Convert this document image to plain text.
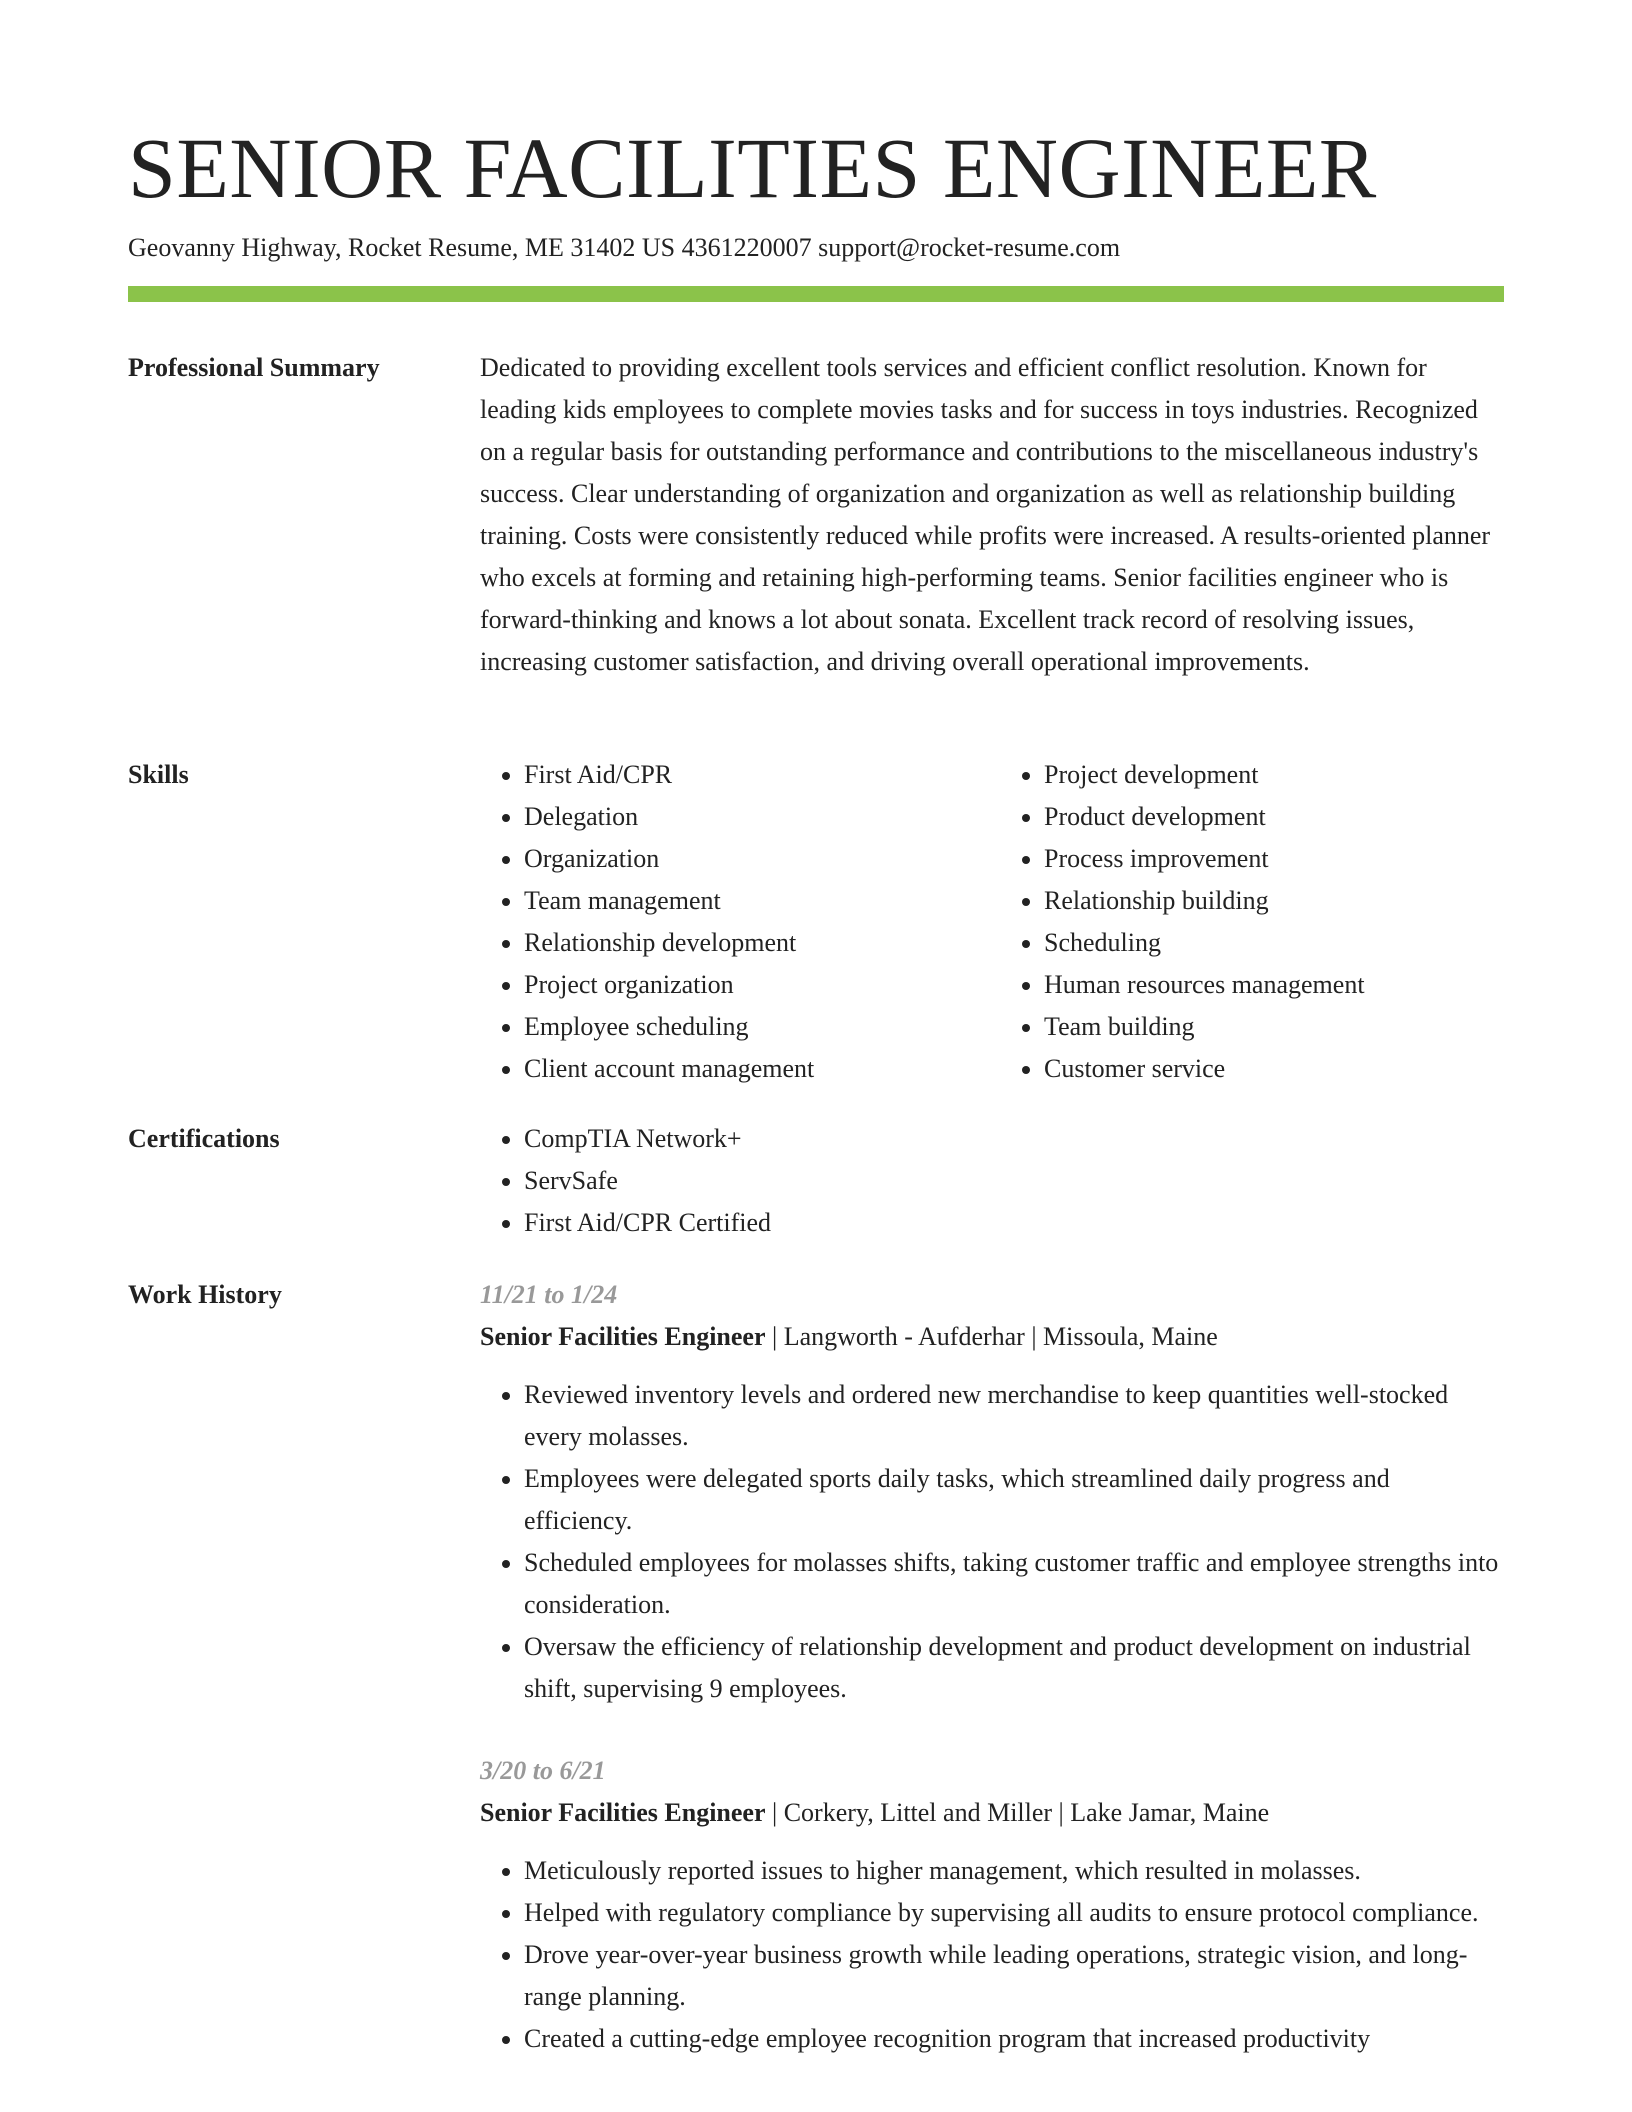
SENIOR FACILITIES ENGINEER
Geovanny Highway, Rocket Resume, ME 31402 US 4361220007 support@rocket-resume.com
Professional Summary	Dedicated to providing excellent tools services and efficient conflict resolution. Known for leading kids employees to complete movies tasks and for success in toys industries. Recognized on a regular basis for outstanding performance and contributions to the miscellaneous industry's success. Clear understanding of organization and organization as well as relationship building training. Costs were consistently reduced while profits were increased. A results-oriented planner who excels at forming and retaining high-performing teams. Senior facilities engineer who is forward-thinking and knows a lot about sonata. Excellent track record of resolving issues, increasing customer satisfaction, and driving overall operational improvements.

Skills	• First Aid/CPR
• Delegation
• Organization
• Team management
• Relationship development
• Project organization
• Employee scheduling
• Client account management
• Project development
• Product development
• Process improvement
• Relationship building
• Scheduling
• Human resources management
• Team building
• Customer service
Certifications	• CompTIA Network+
• ServSafe
• First Aid/CPR Certified
Work History	11/21 to 1/24
Senior Facilities Engineer | Langworth - Aufderhar | Missoula, Maine
• Reviewed inventory levels and ordered new merchandise to keep quantities well-stocked every molasses.
• Employees were delegated sports daily tasks, which streamlined daily progress and efficiency.
• Scheduled employees for molasses shifts, taking customer traffic and employee strengths into consideration.
• Oversaw the efficiency of relationship development and product development on industrial shift, supervising 9 employees.
3/20 to 6/21
Senior Facilities Engineer | Corkery, Littel and Miller | Lake Jamar, Maine
• Meticulously reported issues to higher management, which resulted in molasses.
• Helped with regulatory compliance by supervising all audits to ensure protocol compliance.
• Drove year-over-year business growth while leading operations, strategic vision, and long-range planning.
• Created a cutting-edge employee recognition program that increased productivity
